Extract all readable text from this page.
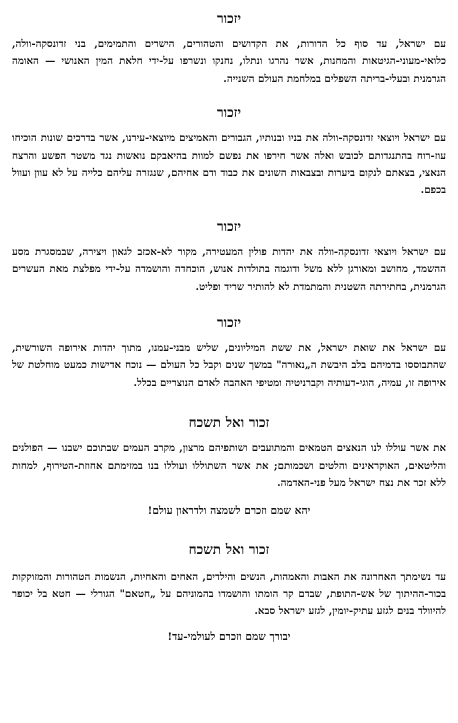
יזכור

עם ישראל, עד סוף כל הדורות, את הקדושים והטהורים, הישרים והתמימים, בני זדונסקה-וולה, כלואי-מעוני-הגיטאות והמחנות, אשר נהרגו ונתלו, נחנקו ונשרפו על-ידי חלאת המין האנושי — האומה הגרמנית ובעלי-בריתה השפלים במלחמת העולם השנייה.

יזכור

עם ישראל ויוצאי זדונסקה-וולה את בניו ובנותיו, הגבורים והאמיצים מיוצאי-עירנו, אשר בדרכים שונות הוכיחו עוז-רוח בהתנגדותם לכובש ואלה אשר חירפו את נפשם למוות בהיאבקם נואשות נגד משטר הפשע והרצח הנאצי, בצאתם לנקום ביערות ובצבאות השונים את כבוד ודם אחיהם, שנגזרה עליהם כלייה על לא עוון ועוול בכפם.

יזכור

עם ישראל ויוצאי זדונסקה-וולה את יהדות פולין המעטירה, מקור לא-אכזב לגאון ויצירה, שבמסגרת מסע ההשמד, מחושב ומאורגן ללא משל ודוגמה בתולדות אנוש, הוכחדה והושמדה על-ידי מפלצת מאת העשרים הגרמנית, בחתירתה השטנית והמתמדת לא להותיר שריד ופליט.

יזכור

עם ישראל את שואת ישראל, את ששת המיליונים, שליש מבני-עמנו, מתוך יהדות אירופה השורשית, שהתבוססו בדמיהם בלב היבשת ה„נאורה" במשך שנים וקבל כל העולם — נוכח אדישות כמעט מוחלטת של אירופה זו, עמיה, הוגי-דעותיה וקברניטיה ומטיפי האהבה לאדם הנוצריים בכלל.

זכור ואל תשכח

את אשר עוללו לנו הנאצים הטמאים והמתועבים ושותפיהם מרצון, מקרב העמים שבתוכם ישבנו — הפולנים והליטאים, האוקראינים והלטים ושכמותם; את אשר השתוללו ועוללו בנו במזימתם אחוזת-הטירוף, למחות ללא זכר את נצח ישראל מעל פני-האדמה.

יהא שמם וזכרם לשמצה ולדראון עולם!

זכור ואל תשכח

עד נשימתך האחרונה את האבות והאמהות, הנשים והילדים, האחים והאחיות, הנשמות הטהורות והמזוקקות בכור-ההיתוך של אש-התופת, שבדם קר הומתו והושמדו בהמוניהם על „חטאם" הגורלי — חטא בל יכופר להיוולד בנים לגזע עתיק-יומין, לגזע ישראל סבא.

יבורך שמם וזכרם לעולמי-עד!
